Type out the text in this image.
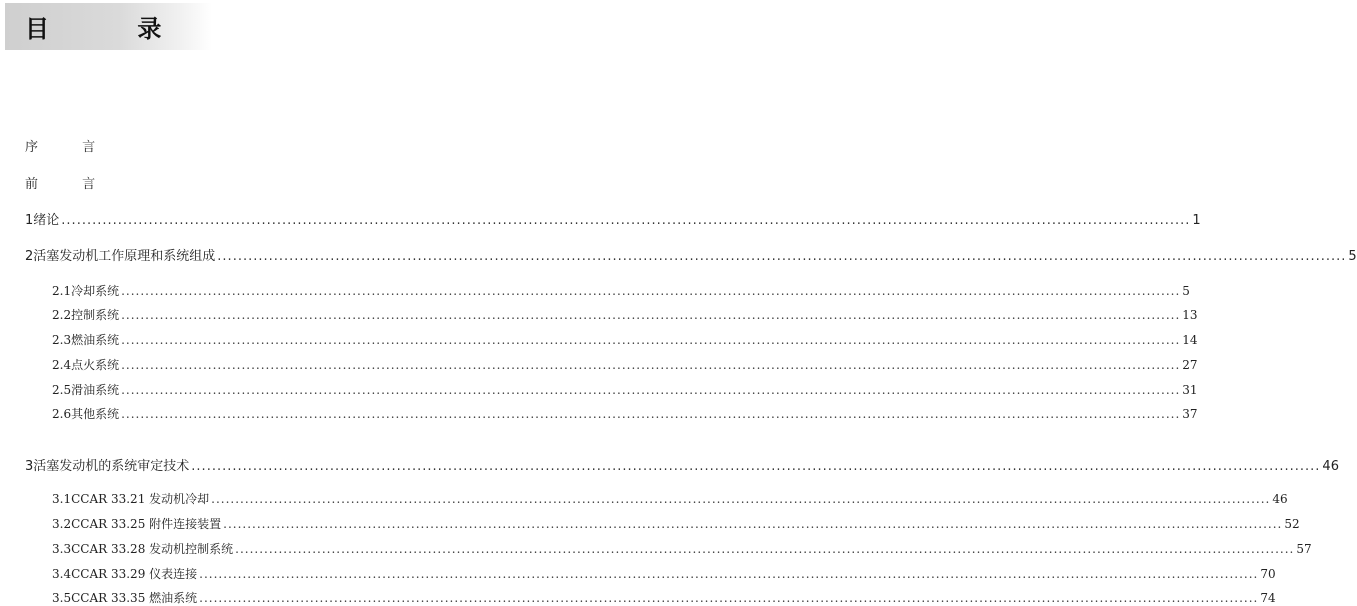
目 录
序 言
前 言
1 绪论 ............................................................................................................................................................................................................................ 1
2 活塞发动机工作原理和系统组成 ............................................................................................................................................................................................................................ 5
2.1 冷却系统 ............................................................................................................................................................................................................................ 5
2.2 控制系统 ............................................................................................................................................................................................................................ 13
2.3 燃油系统 ............................................................................................................................................................................................................................ 14
2.4 点火系统 ............................................................................................................................................................................................................................ 27
2.5 滑油系统 ............................................................................................................................................................................................................................ 31
2.6 其他系统 ............................................................................................................................................................................................................................ 37
3 活塞发动机的系统审定技术 ............................................................................................................................................................................................................................ 46
3.1 CCAR 33.21 发动机冷却 ............................................................................................................................................................................................................................ 46
3.2 CCAR 33.25 附件连接装置 ............................................................................................................................................................................................................................ 52
3.3 CCAR 33.28 发动机控制系统 ............................................................................................................................................................................................................................ 57
3.4 CCAR 33.29 仪表连接 ............................................................................................................................................................................................................................ 70
3.5 CCAR 33.35 燃油系统 ............................................................................................................................................................................................................................ 74
